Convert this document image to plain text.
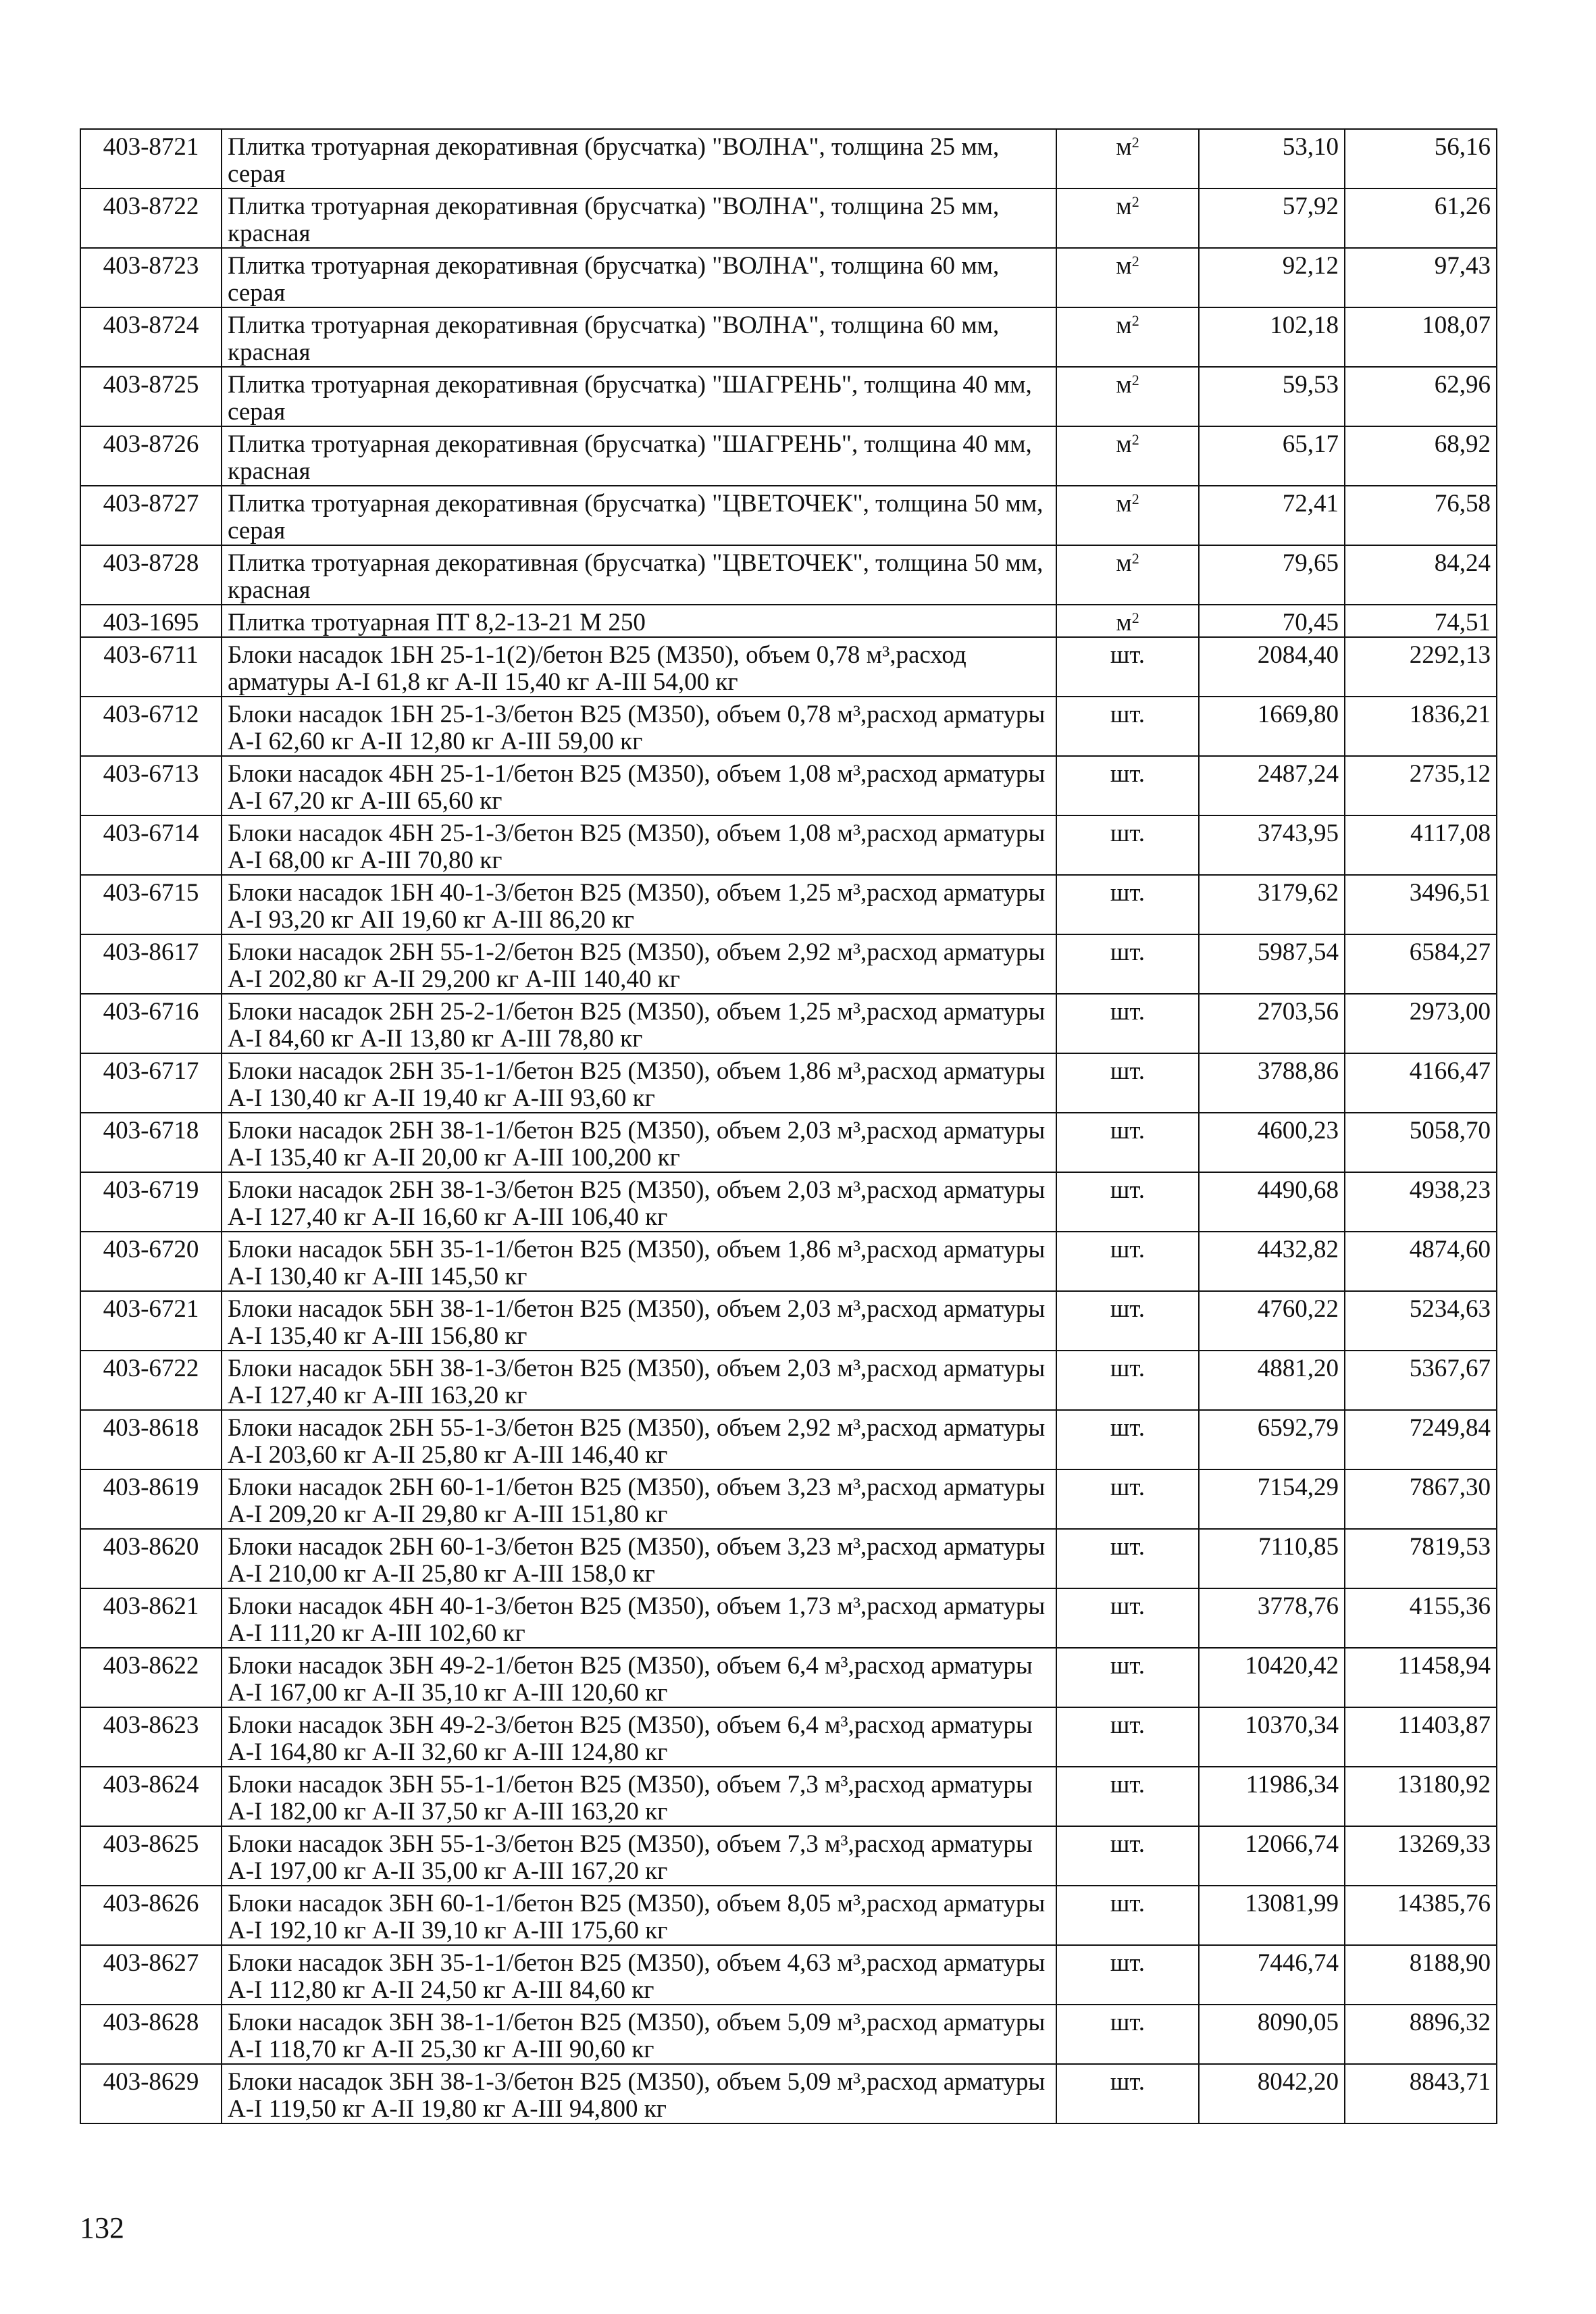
403-8721	Плитка тротуарная декоративная (брусчатка) "ВОЛНА", толщина 25 мм, серая	$м^2$	53,10	56,16
403-8722	Плитка тротуарная декоративная (брусчатка) "ВОЛНА", толщина 25 мм, красная	$м^2$	57,92	61,26
403-8723	Плитка тротуарная декоративная (брусчатка) "ВОЛНА", толщина 60 мм, серая	$м^2$	92,12	97,43
403-8724	Плитка тротуарная декоративная (брусчатка) "ВОЛНА", толщина 60 мм, красная	$м^2$	102,18	108,07
403-8725	Плитка тротуарная декоративная (брусчатка) "ШАГРЕНЬ", толщина 40 мм, серая	$м^2$	59,53	62,96
403-8726	Плитка тротуарная декоративная (брусчатка) "ШАГРЕНЬ", толщина 40 мм, красная	$м^2$	65,17	68,92
403-8727	Плитка тротуарная декоративная (брусчатка) "ЦВЕТОЧЕК", толщина 50 мм, серая	$м^2$	72,41	76,58
403-8728	Плитка тротуарная декоративная (брусчатка) "ЦВЕТОЧЕК", толщина 50 мм, красная	$м^2$	79,65	84,24
403-1695	Плитка тротуарная ПТ 8,2-13-21 М 250	$м^2$	70,45	74,51
403-6711	Блоки насадок 1БН 25-1-1(2)/бетон В25 (М350), объем 0,78 м³,расход арматуры А-I 61,8 кг А-II 15,40 кг А-III 54,00 кг	шт.	2084,40	2292,13
403-6712	Блоки насадок 1БН 25-1-3/бетон В25 (М350), объем 0,78 м³,расход арматуры А-I 62,60 кг А-II 12,80 кг А-III 59,00 кг	шт.	1669,80	1836,21
403-6713	Блоки насадок 4БН 25-1-1/бетон В25 (М350), объем 1,08 м³,расход арматуры А-I 67,20 кг А-III 65,60 кг	шт.	2487,24	2735,12
403-6714	Блоки насадок 4БН 25-1-3/бетон В25 (М350), объем 1,08 м³,расход арматуры А-I 68,00 кг А-III 70,80 кг	шт.	3743,95	4117,08
403-6715	Блоки насадок 1БН 40-1-3/бетон В25 (М350), объем 1,25 м³,расход арматуры А-I 93,20 кг АII 19,60 кг А-III 86,20 кг	шт.	3179,62	3496,51
403-8617	Блоки насадок 2БН 55-1-2/бетон В25 (М350), объем 2,92 м³,расход арматуры А-I 202,80 кг А-II 29,200 кг А-III 140,40 кг	шт.	5987,54	6584,27
403-6716	Блоки насадок 2БН 25-2-1/бетон В25 (М350), объем 1,25 м³,расход арматуры А-I 84,60 кг А-II 13,80 кг А-III 78,80 кг	шт.	2703,56	2973,00
403-6717	Блоки насадок 2БН 35-1-1/бетон В25 (М350), объем 1,86 м³,расход арматуры А-I 130,40 кг А-II 19,40 кг А-III 93,60 кг	шт.	3788,86	4166,47
403-6718	Блоки насадок 2БН 38-1-1/бетон В25 (М350), объем 2,03 м³,расход арматуры А-I 135,40 кг А-II 20,00 кг А-III 100,200 кг	шт.	4600,23	5058,70
403-6719	Блоки насадок 2БН 38-1-3/бетон В25 (М350), объем 2,03 м³,расход арматуры А-I 127,40 кг А-II 16,60 кг А-III 106,40 кг	шт.	4490,68	4938,23
403-6720	Блоки насадок 5БН 35-1-1/бетон В25 (М350), объем 1,86 м³,расход арматуры А-I 130,40 кг А-III 145,50 кг	шт.	4432,82	4874,60
403-6721	Блоки насадок 5БН 38-1-1/бетон В25 (М350), объем 2,03 м³,расход арматуры А-I 135,40 кг А-III 156,80 кг	шт.	4760,22	5234,63
403-6722	Блоки насадок 5БН 38-1-3/бетон В25 (М350), объем 2,03 м³,расход арматуры А-I 127,40 кг А-III 163,20 кг	шт.	4881,20	5367,67
403-8618	Блоки насадок 2БН 55-1-3/бетон В25 (М350), объем 2,92 м³,расход арматуры А-I 203,60 кг А-II 25,80 кг А-III 146,40 кг	шт.	6592,79	7249,84
403-8619	Блоки насадок 2БН 60-1-1/бетон В25 (М350), объем 3,23 м³,расход арматуры А-I 209,20 кг А-II 29,80 кг А-III 151,80 кг	шт.	7154,29	7867,30
403-8620	Блоки насадок 2БН 60-1-3/бетон В25 (М350), объем 3,23 м³,расход арматуры А-I 210,00 кг А-II 25,80 кг А-III 158,0 кг	шт.	7110,85	7819,53
403-8621	Блоки насадок 4БН 40-1-3/бетон В25 (М350), объем 1,73 м³,расход арматуры А-I 111,20 кг А-III 102,60 кг	шт.	3778,76	4155,36
403-8622	Блоки насадок 3БН 49-2-1/бетон В25 (М350), объем 6,4 м³,расход арматуры А-I 167,00 кг А-II 35,10 кг А-III 120,60 кг	шт.	10420,42	11458,94
403-8623	Блоки насадок 3БН 49-2-3/бетон В25 (М350), объем 6,4 м³,расход арматуры А-I 164,80 кг А-II 32,60 кг А-III 124,80 кг	шт.	10370,34	11403,87
403-8624	Блоки насадок 3БН 55-1-1/бетон В25 (М350), объем 7,3 м³,расход арматуры А-I 182,00 кг А-II 37,50 кг А-III 163,20 кг	шт.	11986,34	13180,92
403-8625	Блоки насадок 3БН 55-1-3/бетон В25 (М350), объем 7,3 м³,расход арматуры А-I 197,00 кг А-II 35,00 кг А-III 167,20 кг	шт.	12066,74	13269,33
403-8626	Блоки насадок 3БН 60-1-1/бетон В25 (М350), объем 8,05 м³,расход арматуры А-I 192,10 кг А-II 39,10 кг А-III 175,60 кг	шт.	13081,99	14385,76
403-8627	Блоки насадок 3БН 35-1-1/бетон В25 (М350), объем 4,63 м³,расход арматуры А-I 112,80 кг А-II 24,50 кг А-III 84,60 кг	шт.	7446,74	8188,90
403-8628	Блоки насадок 3БН 38-1-1/бетон В25 (М350), объем 5,09 м³,расход арматуры А-I 118,70 кг А-II 25,30 кг А-III 90,60 кг	шт.	8090,05	8896,32
403-8629	Блоки насадок 3БН 38-1-3/бетон В25 (М350), объем 5,09 м³,расход арматуры А-I 119,50 кг А-II 19,80 кг А-III 94,800 кг	шт.	8042,20	8843,71
132
